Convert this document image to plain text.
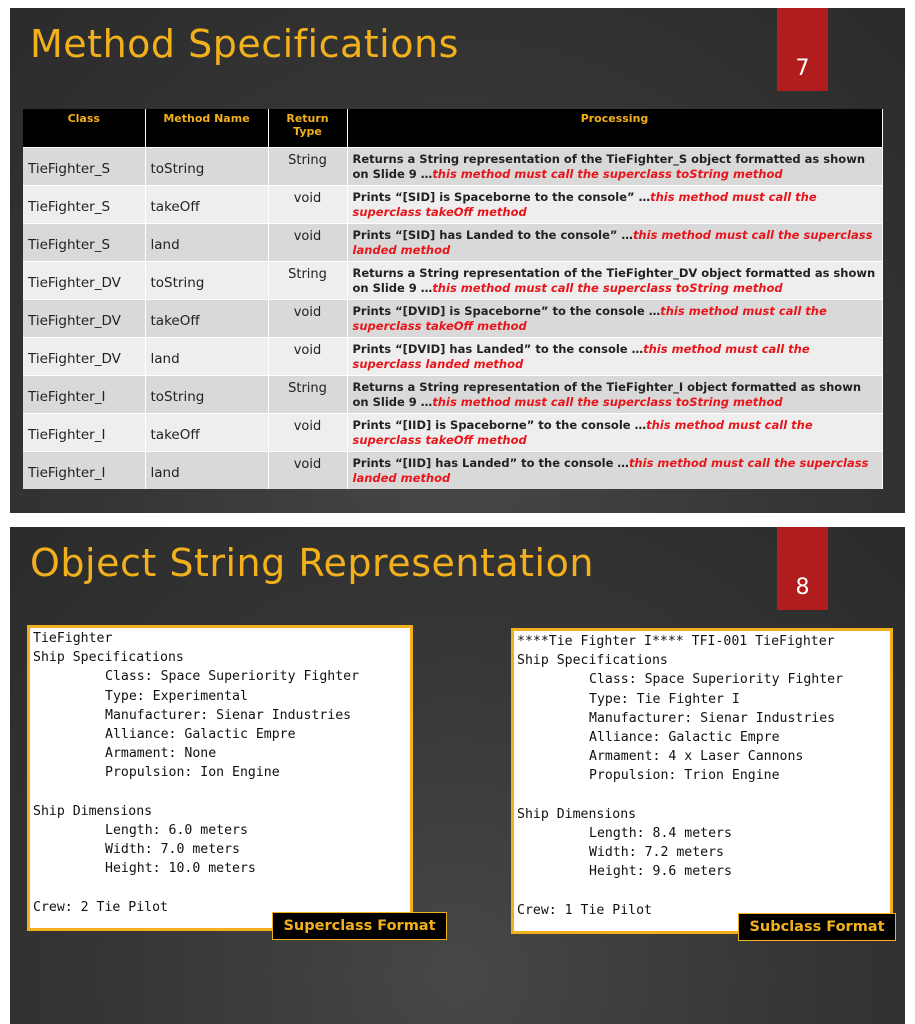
Method Specifications
7
Class	Method Name	Return Type	Processing
TieFighter_S	toString	String	Returns a String representation of the TieFighter_S object formatted as shown on Slide 9 …this method must call the superclass toString method
TieFighter_S	takeOff	void	Prints “[SID] is Spaceborne to the console” …this method must call the superclass takeOff method
TieFighter_S	land	void	Prints “[SID] has Landed to the console” …this method must call the superclass landed method
TieFighter_DV	toString	String	Returns a String representation of the TieFighter_DV object formatted as shown on Slide 9 …this method must call the superclass toString method
TieFighter_DV	takeOff	void	Prints “[DVID] is Spaceborne” to the console …this method must call the superclass takeOff method
TieFighter_DV	land	void	Prints “[DVID] has Landed” to the console …this method must call the superclass landed method
TieFighter_I	toString	String	Returns a String representation of the TieFighter_I object formatted as shown on Slide 9 …this method must call the superclass toString method
TieFighter_I	takeOff	void	Prints “[IID] is Spaceborne” to the console …this method must call the superclass takeOff method
TieFighter_I	land	void	Prints “[IID] has Landed” to the console …this method must call the superclass landed method
Object String Representation
8
TieFighter
Ship Specifications
Class: Space Superiority Fighter
Type: Experimental
Manufacturer: Sienar Industries
Alliance: Galactic Empre
Armament: None
Propulsion: Ion Engine
Ship Dimensions
Length: 6.0 meters
Width: 7.0 meters
Height: 10.0 meters
Crew: 2 Tie Pilot
Superclass Format
****Tie Fighter I**** TFI-001 TieFighter
Ship Specifications
Class: Space Superiority Fighter
Type: Tie Fighter I
Manufacturer: Sienar Industries
Alliance: Galactic Empre
Armament: 4 x Laser Cannons
Propulsion: Trion Engine
Ship Dimensions
Length: 8.4 meters
Width: 7.2 meters
Height: 9.6 meters
Crew: 1 Tie Pilot
Subclass Format
